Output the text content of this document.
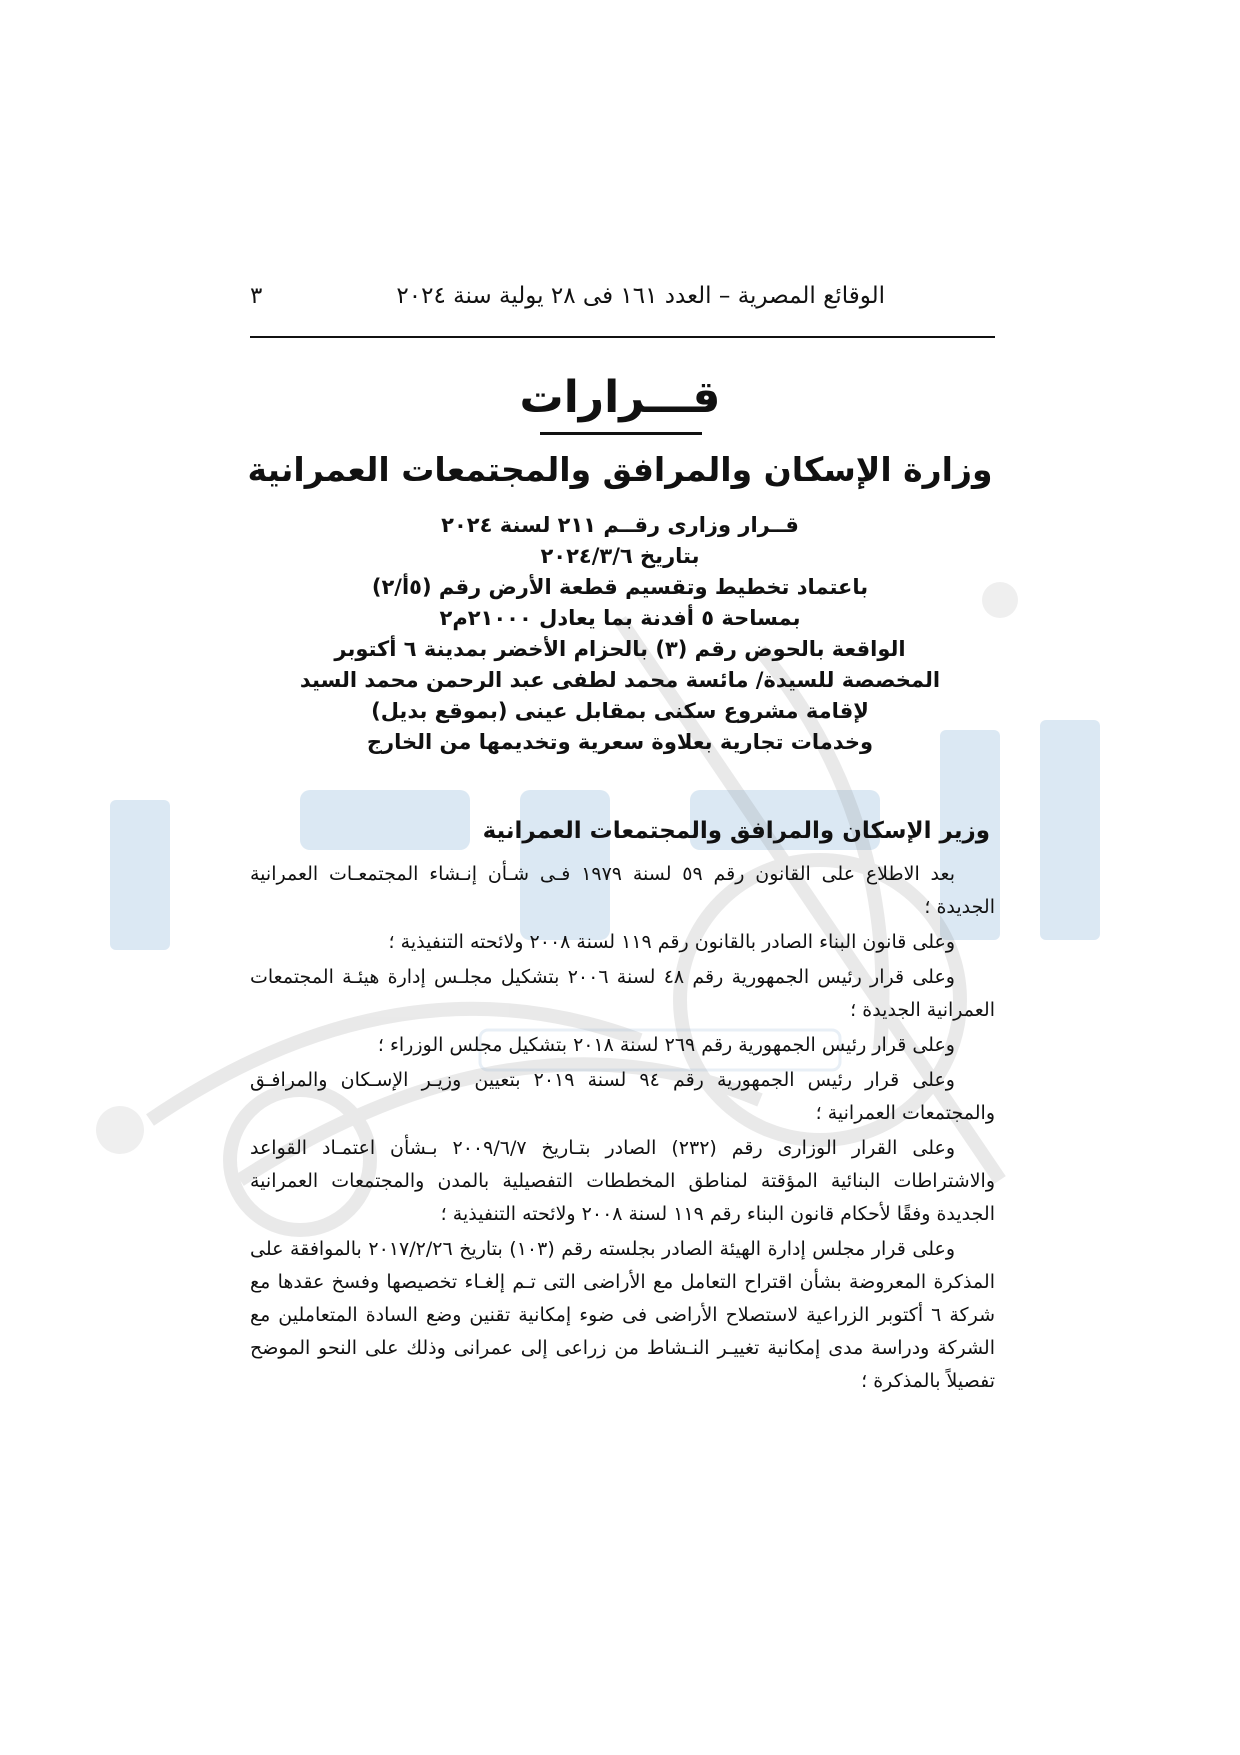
الوقائع المصرية – العدد ١٦١ فى ٢٨ يولية سنة ٢٠٢٤
٣
قـــرارات
وزارة الإسكان والمرافق والمجتمعات العمرانية
قــرار وزارى رقــم ٢١١ لسنة ٢٠٢٤
بتاريخ ٢٠٢٤/٣/٦
باعتماد تخطيط وتقسيم قطعة الأرض رقم (٥أ/٢)
بمساحة ٥ أفدنة بما يعادل ٢١٠٠٠م٢
الواقعة بالحوض رقم (٣) بالحزام الأخضر بمدينة ٦ أكتوبر
المخصصة للسيدة/ مائسة محمد لطفى عبد الرحمن محمد السيد
لإقامة مشروع سكنى بمقابل عينى (بموقع بديل)
وخدمات تجارية بعلاوة سعرية وتخديمها من الخارج
وزير الإسكان والمرافق والمجتمعات العمرانية

بعد الاطلاع على القانون رقم ٥٩ لسنة ١٩٧٩ فـى شـأن إنـشاء المجتمعـات العمرانية الجديدة ؛

وعلى قانون البناء الصادر بالقانون رقم ١١٩ لسنة ٢٠٠٨ ولائحته التنفيذية ؛

وعلى قرار رئيس الجمهورية رقم ٤٨ لسنة ٢٠٠٦ بتشكيل مجلـس إدارة هيئـة المجتمعات العمرانية الجديدة ؛

وعلى قرار رئيس الجمهورية رقم ٢٦٩ لسنة ٢٠١٨ بتشكيل مجلس الوزراء ؛

وعلى قرار رئيس الجمهورية رقم ٩٤ لسنة ٢٠١٩ بتعيين وزيـر الإسـكان والمرافـق والمجتمعات العمرانية ؛

وعلى القرار الوزارى رقم (٢٣٢) الصادر بتـاريخ ٢٠٠٩/٦/٧ بـشأن اعتمـاد القواعد والاشتراطات البنائية المؤقتة لمناطق المخططات التفصيلية بالمدن والمجتمعات العمرانية الجديدة وفقًا لأحكام قانون البناء رقم ١١٩ لسنة ٢٠٠٨ ولائحته التنفيذية ؛

وعلى قرار مجلس إدارة الهيئة الصادر بجلسته رقم (١٠٣) بتاريخ ٢٠١٧/٢/٢٦ بالموافقة على المذكرة المعروضة بشأن اقتراح التعامل مع الأراضى التى تـم إلغـاء تخصيصها وفسخ عقدها مع شركة ٦ أكتوبر الزراعية لاستصلاح الأراضى فى ضوء إمكانية تقنين وضع السادة المتعاملين مع الشركة ودراسة مدى إمكانية تغييـر النـشاط من زراعى إلى عمرانى وذلك على النحو الموضح تفصيلاً بالمذكرة ؛
